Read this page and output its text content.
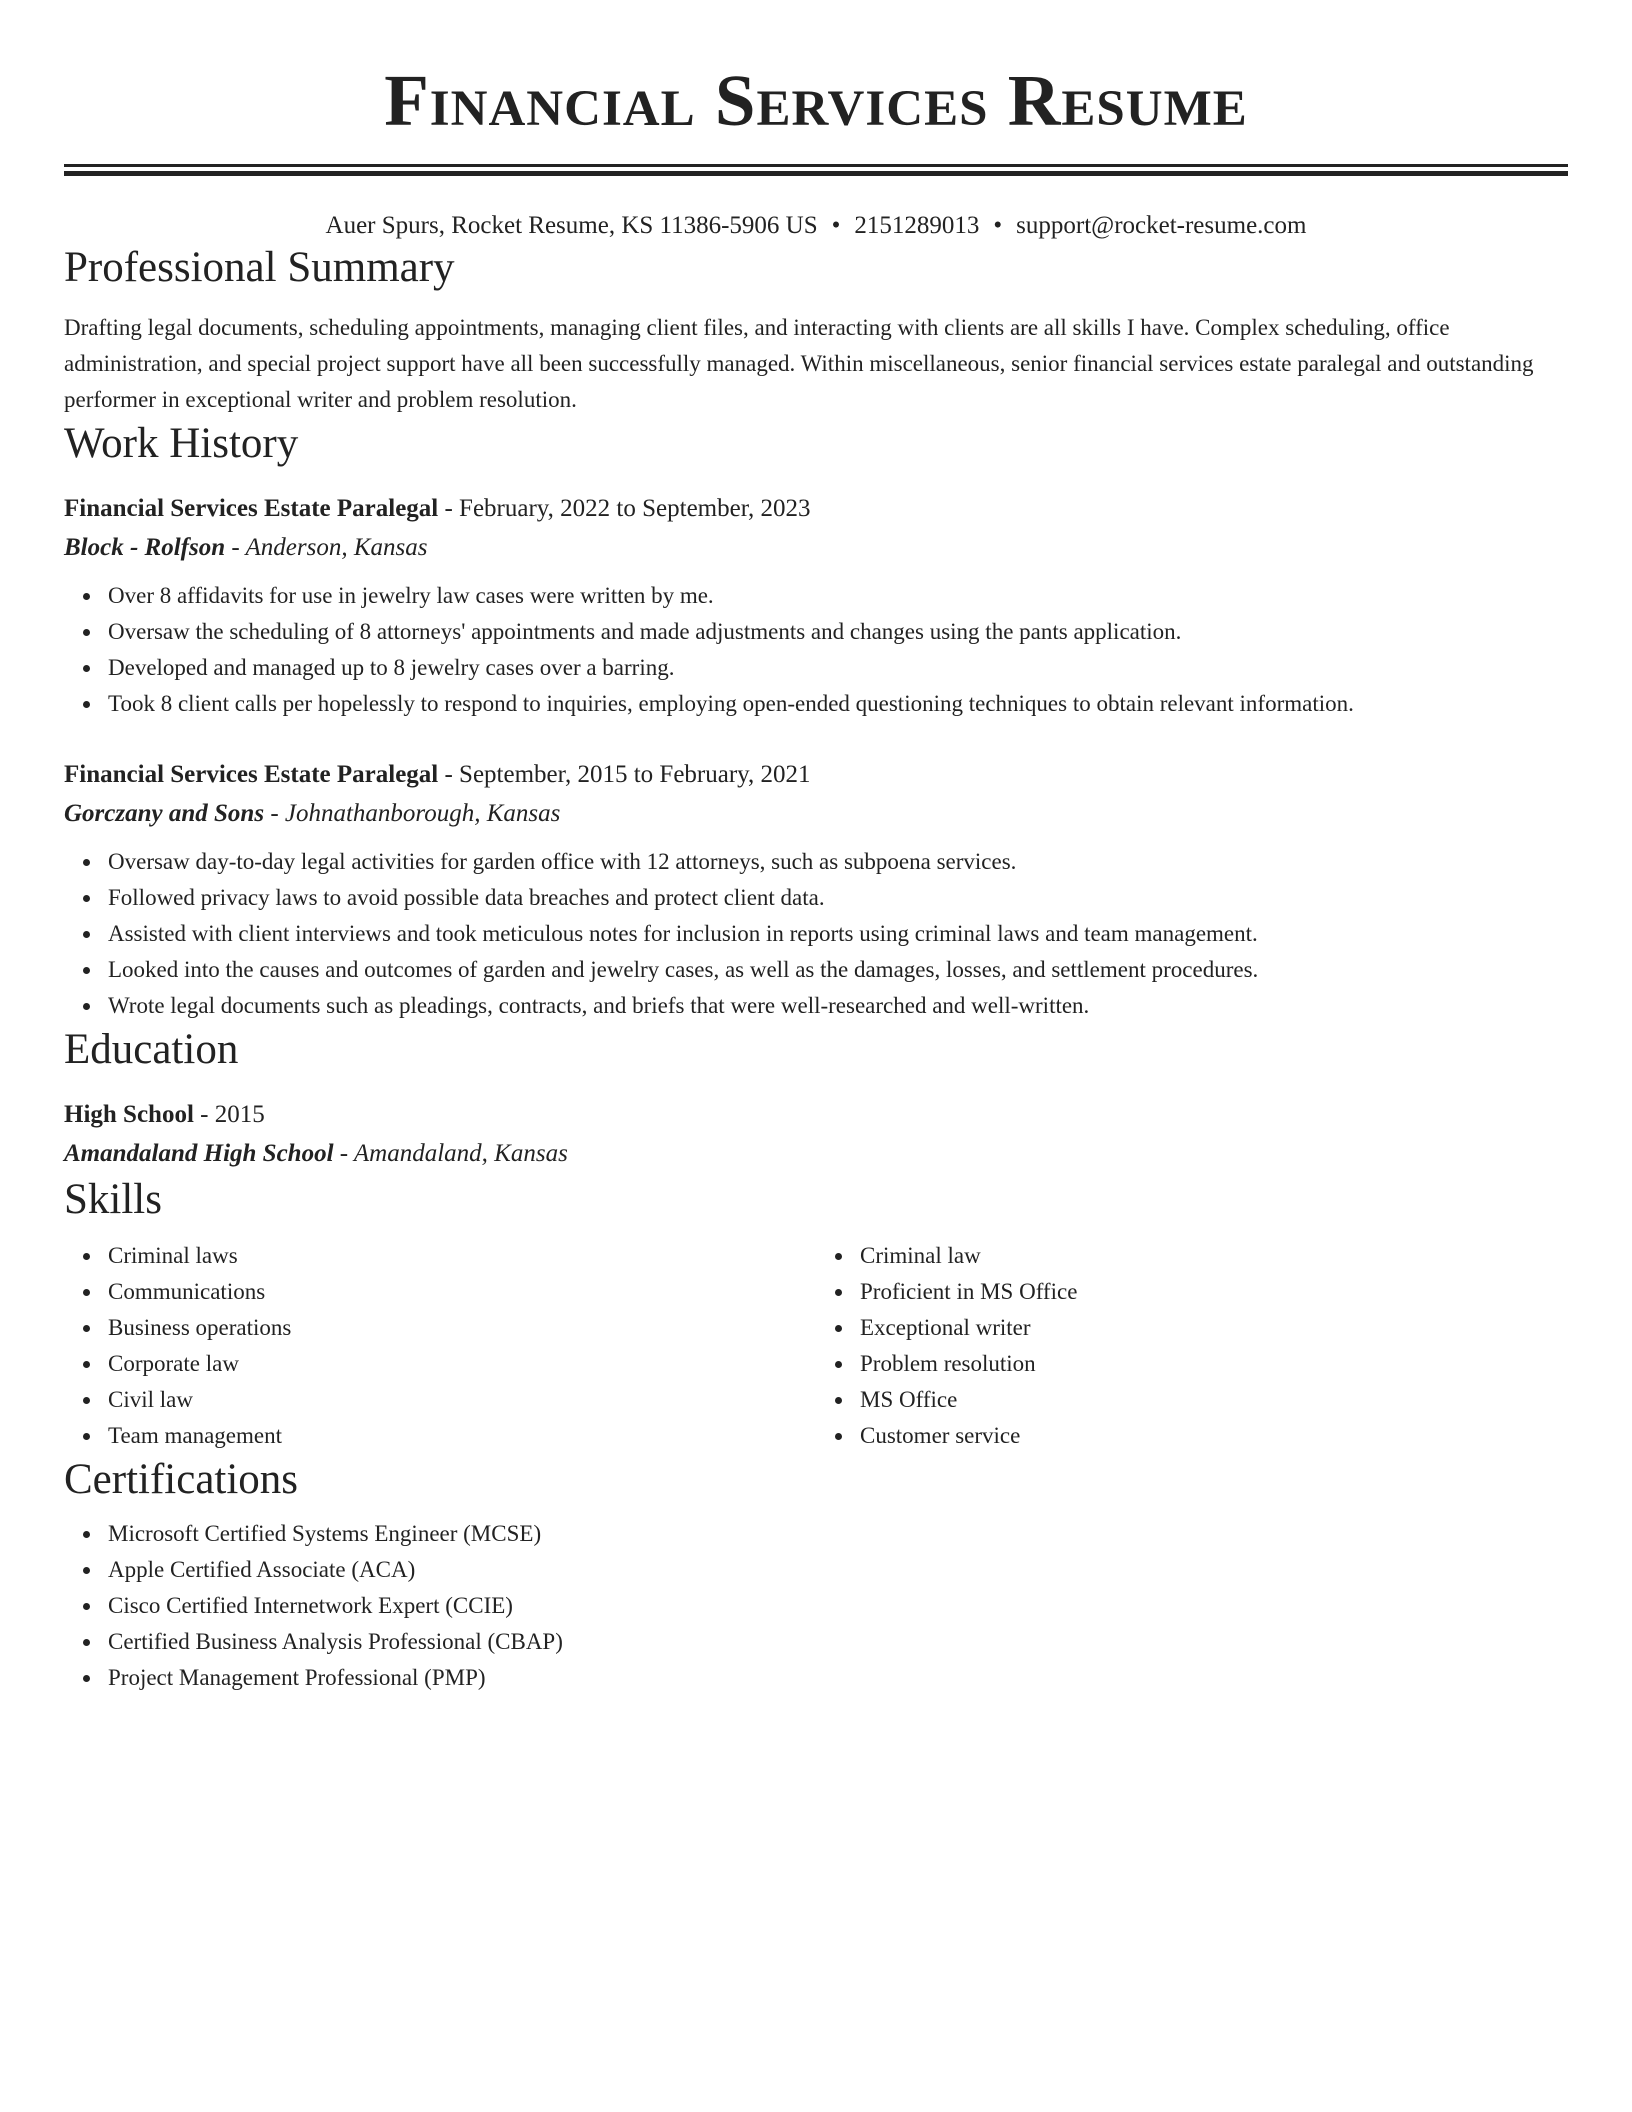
Financial Services Resume
Auer Spurs, Rocket Resume, KS 11386-5906 US • 2151289013 • support@rocket-resume.com
Professional Summary

Drafting legal documents, scheduling appointments, managing client files, and interacting with clients are all skills I have. Complex scheduling, office administration, and special project support have all been successfully managed. Within miscellaneous, senior financial services estate paralegal and outstanding performer in exceptional writer and problem resolution.

Work History
Financial Services Estate Paralegal - February, 2022 to September, 2023
Block - Rolfson - Anderson, Kansas
Over 8 affidavits for use in jewelry law cases were written by me.
Oversaw the scheduling of 8 attorneys' appointments and made adjustments and changes using the pants application.
Developed and managed up to 8 jewelry cases over a barring.
Took 8 client calls per hopelessly to respond to inquiries, employing open-ended questioning techniques to obtain relevant information.
Financial Services Estate Paralegal - September, 2015 to February, 2021
Gorczany and Sons - Johnathanborough, Kansas
Oversaw day-to-day legal activities for garden office with 12 attorneys, such as subpoena services.
Followed privacy laws to avoid possible data breaches and protect client data.
Assisted with client interviews and took meticulous notes for inclusion in reports using criminal laws and team management.
Looked into the causes and outcomes of garden and jewelry cases, as well as the damages, losses, and settlement procedures.
Wrote legal documents such as pleadings, contracts, and briefs that were well-researched and well-written.
Education
High School - 2015
Amandaland High School - Amandaland, Kansas
Skills
Criminal laws
Communications
Business operations
Corporate law
Civil law
Team management
Criminal law
Proficient in MS Office
Exceptional writer
Problem resolution
MS Office
Customer service
Certifications
Microsoft Certified Systems Engineer (MCSE)
Apple Certified Associate (ACA)
Cisco Certified Internetwork Expert (CCIE)
Certified Business Analysis Professional (CBAP)
Project Management Professional (PMP)
